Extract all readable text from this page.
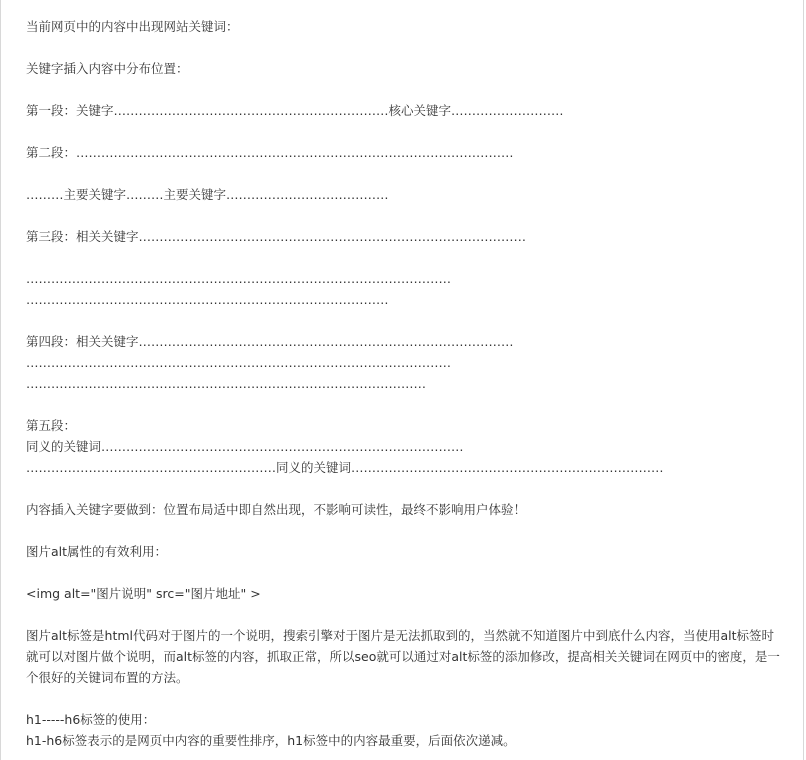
当前网页中的内容中出现网站关键词：

关键字插入内容中分布位置：

第一段：关键字…………………………………………………………核心关键字………………………

第二段：……………………………………………………………………………………………

………主要关键字………主要关键字…………………………………

第三段：相关关键字…………………………………………………………………………………

…………………………………………………………………………………………

……………………………………………………………………………

第四段：相关关键字………………………………………………………………………………

…………………………………………………………………………………………

……………………………………………………………………………………

第五段：

同义的关键词……………………………………………………………………………

……………………………………………………同义的关键词…………………………………………………………………

内容插入关键字要做到：位置布局适中即自然出现，不影响可读性，最终不影响用户体验！

图片alt属性的有效利用：

<img alt="图片说明" src="图片地址" >

图片alt标签是html代码对于图片的一个说明，搜索引擎对于图片是无法抓取到的，当然就不知道图片中到底什么内容，当使用alt标签时就可以对图片做个说明，而alt标签的内容，抓取正常，所以seo就可以通过对alt标签的添加修改，提高相关关键词在网页中的密度，是一个很好的关键词布置的方法。

h1-----h6标签的使用：

h1-h6标签表示的是网页中内容的重要性排序，h1标签中的内容最重要，后面依次递减。
